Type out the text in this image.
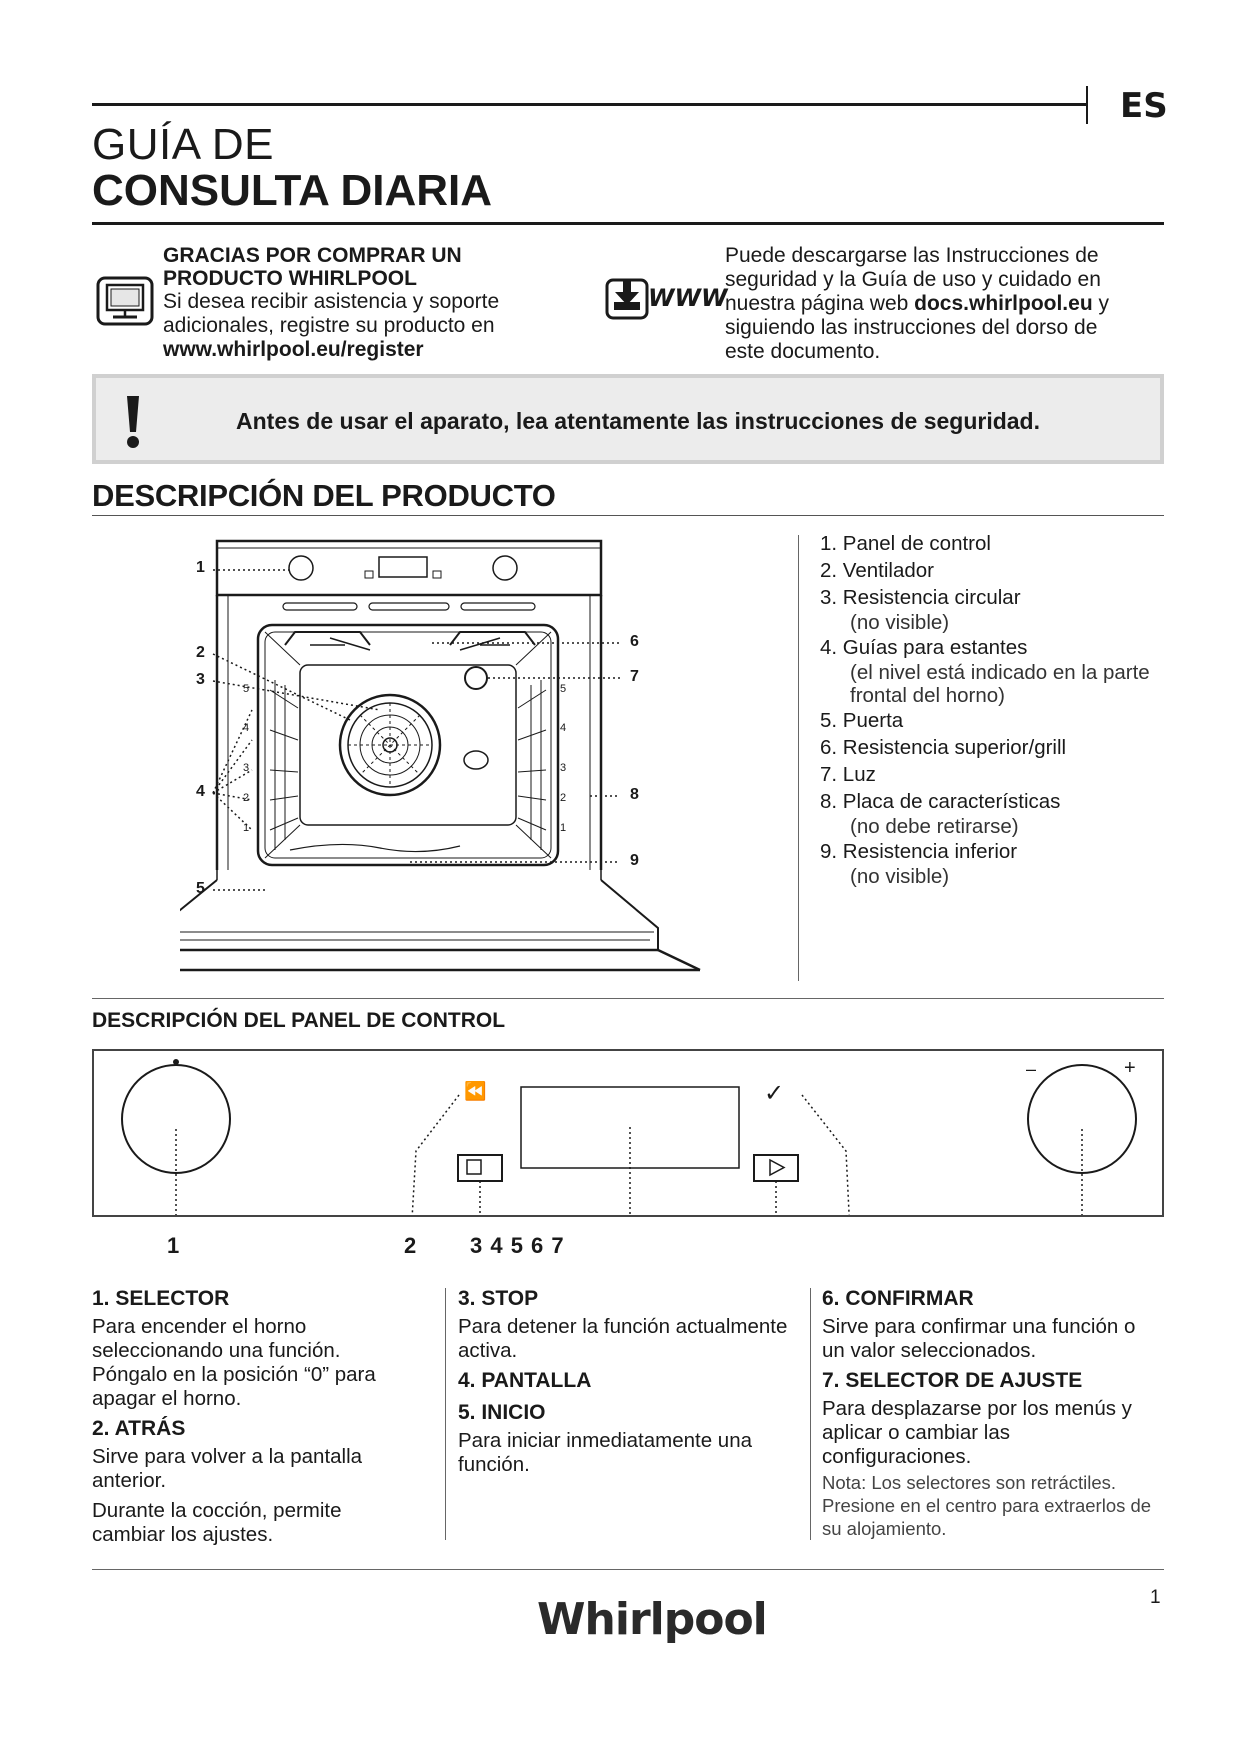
ES
GUÍA DE
CONSULTA DIARIA
GRACIAS POR COMPRAR UN
PRODUCTO WHIRLPOOL
Si desea recibir asistencia y soporte
adicionales, registre su producto en
www.whirlpool.eu/register
WWW
Puede descargarse las Instrucciones de
seguridad y la Guía de uso y cuidado en
nuestra página web docs.whirlpool.eu y
siguiendo las instrucciones del dorso de
este documento.
Antes de usar el aparato, lea atentamente las instrucciones de seguridad.
DESCRIPCIÓN DEL PRODUCTO
1
2
3
4
5
6
7
8
9
5
4
3
2
1
5
4
3
2
1
1. Panel de control
2. Ventilador
3. Resistencia circular
(no visible)
4. Guías para estantes
(el nivel está indicado en la parte
frontal del horno)
5. Puerta
6. Resistencia superior/grill
7. Luz
8. Placa de características
(no debe retirarse)
9. Resistencia inferior
(no visible)
DESCRIPCIÓN DEL PANEL DE CONTROL
⏪	✓
–	+
1	2 3 4 5 6 7
1. SELECTOR
Para encender el horno seleccionando una función. Póngalo en la posición “0” para apagar el horno.
2. ATRÁS
Sirve para volver a la pantalla anterior.
Durante la cocción, permite cambiar los ajustes.
3. STOP
Para detener la función actualmente activa.
4. PANTALLA
5. INICIO
Para iniciar inmediatamente una función.
6. CONFIRMAR
Sirve para confirmar una función o un valor seleccionados.
7. SELECTOR DE AJUSTE
Para desplazarse por los menús y aplicar o cambiar las configuraciones.
Nota: Los selectores son retráctiles. Presione en el centro para extraerlos de su alojamiento.
1
Whirlpool
